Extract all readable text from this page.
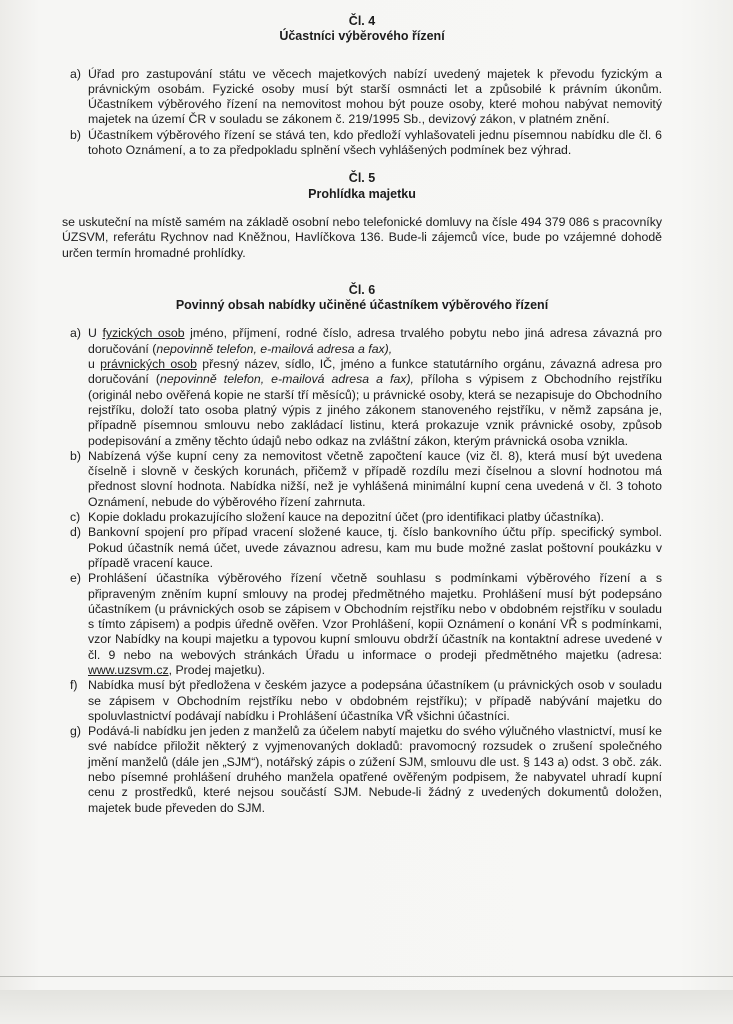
Čl. 4

Účastníci výběrového řízení

a) Úřad pro zastupování státu ve věcech majetkových nabízí uvedený majetek k převodu fyzickým a právnickým osobám. Fyzické osoby musí být starší osmnácti let a způsobilé k právním úkonům. Účastníkem výběrového řízení na nemovitost mohou být pouze osoby, které mohou nabývat nemovitý majetek na území ČR v souladu se zákonem č. 219/1995 Sb., devizový zákon, v platném znění.
b) Účastníkem výběrového řízení se stává ten, kdo předloží vyhlašovateli jednu písemnou nabídku dle čl. 6 tohoto Oznámení, a to za předpokladu splnění všech vyhlášených podmínek bez výhrad.

Čl. 5

Prohlídka majetku

se uskuteční na místě samém na základě osobní nebo telefonické domluvy na čísle 494 379 086 s pracovníky ÚZSVM, referátu Rychnov nad Kněžnou, Havlíčkova 136. Bude-li zájemců více, bude po vzájemné dohodě určen termín hromadné prohlídky.

Čl. 6

Povinný obsah nabídky učiněné účastníkem výběrového řízení

a) U fyzických osob jméno, příjmení, rodné číslo, adresa trvalého pobytu nebo jiná adresa závazná pro doručování (nepovinně telefon, e-mailová adresa a fax),
u právnických osob přesný název, sídlo, IČ, jméno a funkce statutárního orgánu, závazná adresa pro doručování (nepovinně telefon, e-mailová adresa a fax), příloha s výpisem z Obchodního rejstříku (originál nebo ověřená kopie ne starší tří měsíců); u právnické osoby, která se nezapisuje do Obchodního rejstříku, doloží tato osoba platný výpis z jiného zákonem stanoveného rejstříku, v němž zapsána je, případně písemnou smlouvu nebo zakládací listinu, která prokazuje vznik právnické osoby, způsob podepisování a změny těchto údajů nebo odkaz na zvláštní zákon, kterým právnická osoba vznikla.
b) Nabízená výše kupní ceny za nemovitost včetně započtení kauce (viz čl. 8), která musí být uvedena číselně i slovně v českých korunách, přičemž v případě rozdílu mezi číselnou a slovní hodnotou má přednost slovní hodnota. Nabídka nižší, než je vyhlášená minimální kupní cena uvedená v čl. 3 tohoto Oznámení, nebude do výběrového řízení zahrnuta.
c) Kopie dokladu prokazujícího složení kauce na depozitní účet (pro identifikaci platby účastníka).
d) Bankovní spojení pro případ vracení složené kauce, tj. číslo bankovního účtu příp. specifický symbol. Pokud účastník nemá účet, uvede závaznou adresu, kam mu bude možné zaslat poštovní poukázku v případě vracení kauce.
e) Prohlášení účastníka výběrového řízení včetně souhlasu s podmínkami výběrového řízení a s připraveným zněním kupní smlouvy na prodej předmětného majetku. Prohlášení musí být podepsáno účastníkem (u právnických osob se zápisem v Obchodním rejstříku nebo v obdobném rejstříku v souladu s tímto zápisem) a podpis úředně ověřen. Vzor Prohlášení, kopii Oznámení o konání VŘ s podmínkami, vzor Nabídky na koupi majetku a typovou kupní smlouvu obdrží účastník na kontaktní adrese uvedené v čl. 9 nebo na webových stránkách Úřadu u informace o prodeji předmětného majetku (adresa: www.uzsvm.cz, Prodej majetku).
f) Nabídka musí být předložena v českém jazyce a podepsána účastníkem (u právnických osob v souladu se zápisem v Obchodním rejstříku nebo v obdobném rejstříku); v případě nabývání majetku do spoluvlastnictví podávají nabídku i Prohlášení účastníka VŘ všichni účastníci.
g) Podává-li nabídku jen jeden z manželů za účelem nabytí majetku do svého výlučného vlastnictví, musí ke své nabídce přiložit některý z vyjmenovaných dokladů: pravomocný rozsudek o zrušení společného jmění manželů (dále jen „SJM“), notářský zápis o zúžení SJM, smlouvu dle ust. § 143 a) odst. 3 obč. zák. nebo písemné prohlášení druhého manžela opatřené ověřeným podpisem, že nabyvatel uhradí kupní cenu z prostředků, které nejsou součástí SJM. Nebude-li žádný z uvedených dokumentů doložen, majetek bude převeden do SJM.
